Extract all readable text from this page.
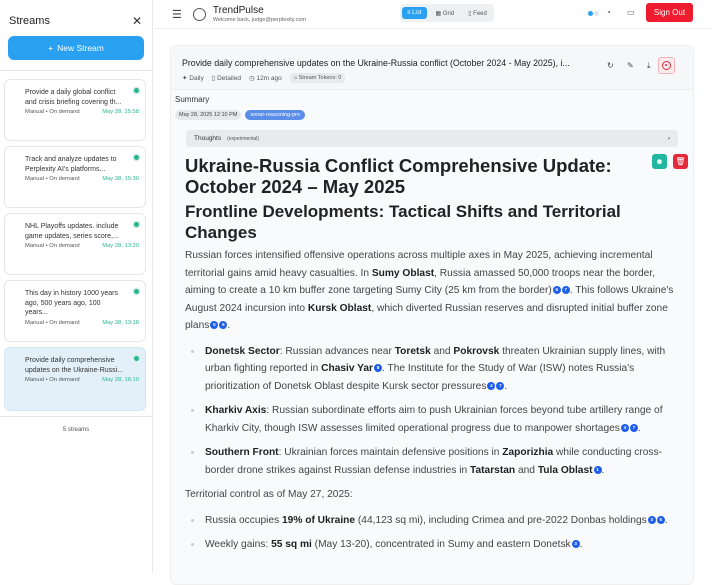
Streams	✕
+ New Stream
Provide a daily global conflict and crisis briefing covering th...
Manual • On demand	May 28, 15:58
Track and analyze updates to Perplexity AI's platforms...
Manual • On demand	May 28, 15:30
NHL Playoffs updates. include game updates, series score,...
Manual • On demand	May 28, 13:20
This day in history 1000 years ago, 500 years ago, 100 years...
Manual • On demand	May 28, 13:18
Provide daily comprehensive updates on the Ukraine-Russi...
Manual • On demand	May 28, 16:10
5 streams
☰	TrendPulse
Welcome back, judge@perplexity.com
≡ List	▦ Grid	▯ Feed	◔ ▭	Sign Out
Provide daily comprehensive updates on the Ukraine-Russia conflict (October 2024 - May 2025), i...
✦ Daily ▯ Detailed ◷ 12m ago	⌂ Stream Tokens: 0
↻ ✎ ⤓
Summary
May 28, 2025 12:10 PM	sonar-reasoning-pro
☻	🗑
Thoughts (experimental)	›
Ukraine-Russia Conflict Comprehensive Update: October 2024 – May 2025
Frontline Developments: Tactical Shifts and Territorial Changes

Russian forces intensified offensive operations across multiple axes in May 2025, achieving incremental territorial gains amid heavy casualties. In Sumy Oblast, Russia amassed 50,000 troops near the border, aiming to create a 10 km buffer zone targeting Sumy City (25 km from the border) 6 7 . This follows Ukraine's August 2024 incursion into Kursk Oblast, which diverted Russian reserves and disrupted initial buffer zone plans 5 6 .

Donetsk Sector: Russian advances near Toretsk and Pokrovsk threaten Ukrainian supply lines, with urban fighting reported in Chasiv Yar 8 . The Institute for the Study of War (ISW) notes Russia's prioritization of Donetsk Oblast despite Kursk sector pressures 4 7 .
Kharkiv Axis: Russian subordinate efforts aim to push Ukrainian forces beyond tube artillery range of Kharkiv City, though ISW assesses limited operational progress due to manpower shortages 4 7 .
Southern Front: Ukrainian forces maintain defensive positions in Zaporizhia while conducting cross-border drone strikes against Russian defense industries in Tatarstan and Tula Oblast 1 .

Territorial control as of May 27, 2025:

Russia occupies 19% of Ukraine (44,123 sq mi), including Crimea and pre-2022 Donbas holdings 3 5 .
Weekly gains: 55 sq mi (May 13-20), concentrated in Sumy and eastern Donetsk 3 .
